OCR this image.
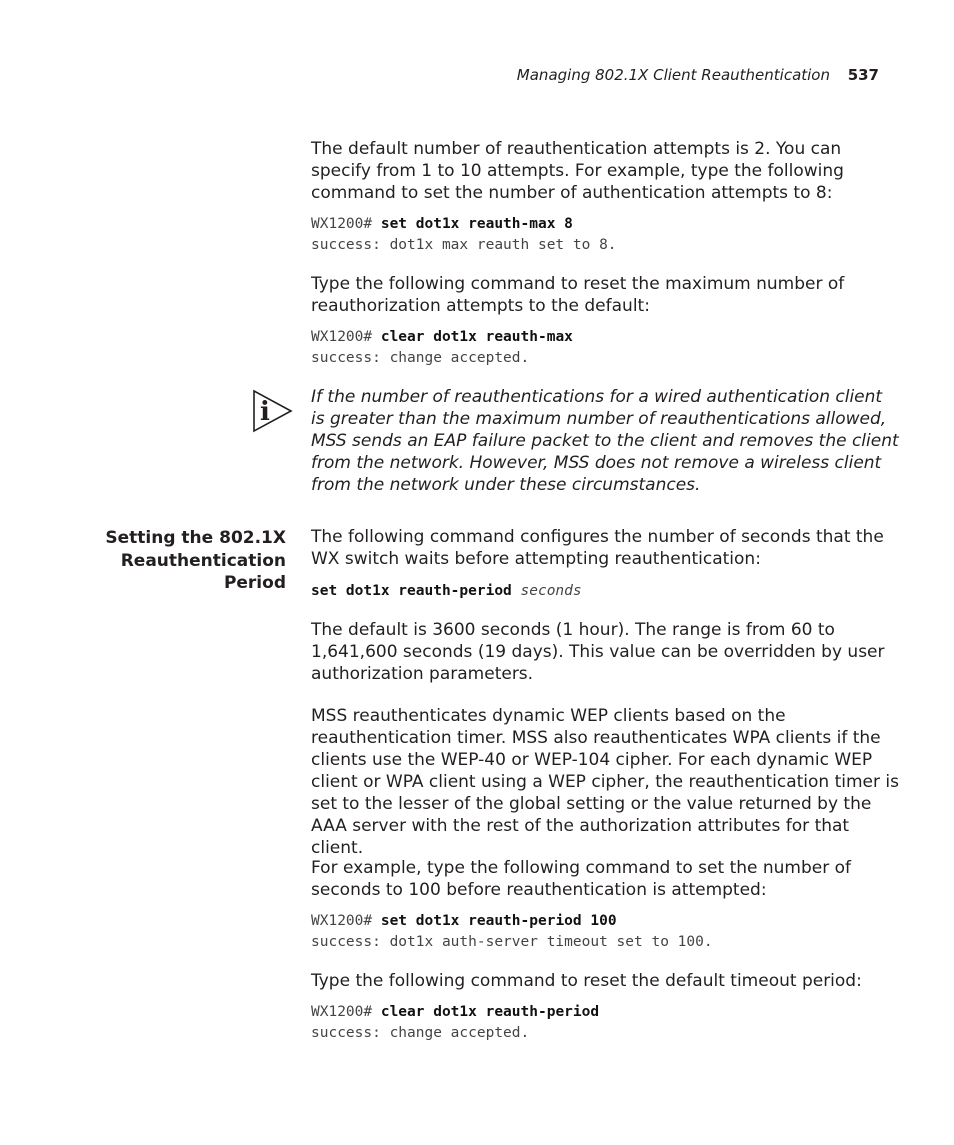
Managing 802.1X Client Reauthentication 537
The default number of reauthentication attempts is 2. You can specify from 1 to 10 attempts. For example, type the following command to set the number of authentication attempts to 8:
WX1200# set dot1x reauth-max 8
success: dot1x max reauth set to 8.
Type the following command to reset the maximum number of reauthorization attempts to the default:
WX1200# clear dot1x reauth-max
success: change accepted.
i If the number of reauthentications for a wired authentication client is greater than the maximum number of reauthentications allowed, MSS sends an EAP failure packet to the client and removes the client from the network. However, MSS does not remove a wireless client from the network under these circumstances.
Setting the 802.1X
Reauthentication
Period
The following command configures the number of seconds that the WX switch waits before attempting reauthentication:
set dot1x reauth-period seconds
The default is 3600 seconds (1 hour). The range is from 60 to 1,641,600 seconds (19 days). This value can be overridden by user authorization parameters.
MSS reauthenticates dynamic WEP clients based on the reauthentication timer. MSS also reauthenticates WPA clients if the clients use the WEP-40 or WEP-104 cipher. For each dynamic WEP client or WPA client using a WEP cipher, the reauthentication timer is set to the lesser of the global setting or the value returned by the AAA server with the rest of the authorization attributes for that client.
For example, type the following command to set the number of seconds to 100 before reauthentication is attempted:
WX1200# set dot1x reauth-period 100
success: dot1x auth-server timeout set to 100.
Type the following command to reset the default timeout period:
WX1200# clear dot1x reauth-period
success: change accepted.
